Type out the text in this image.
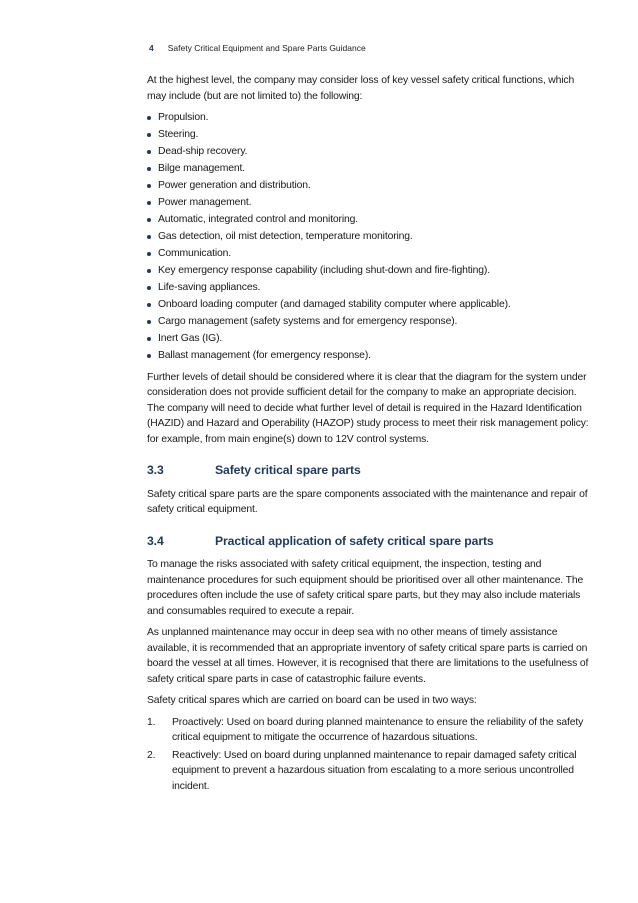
4 Safety Critical Equipment and Spare Parts Guidance

At the highest level, the company may consider loss of key vessel safety critical functions, which may include (but are not limited to) the following:

Propulsion.
Steering.
Dead-ship recovery.
Bilge management.
Power generation and distribution.
Power management.
Automatic, integrated control and monitoring.
Gas detection, oil mist detection, temperature monitoring.
Communication.
Key emergency response capability (including shut-down and fire-fighting).
Life-saving appliances.
Onboard loading computer (and damaged stability computer where applicable).
Cargo management (safety systems and for emergency response).
Inert Gas (IG).
Ballast management (for emergency response).

Further levels of detail should be considered where it is clear that the diagram for the system under consideration does not provide sufficient detail for the company to make an appropriate decision. The company will need to decide what further level of detail is required in the Hazard Identification (HAZID) and Hazard and Operability (HAZOP) study process to meet their risk management policy: for example, from main engine(s) down to 12V control systems.

3.3	Safety critical spare parts

Safety critical spare parts are the spare components associated with the maintenance and repair of safety critical equipment.

3.4	Practical application of safety critical spare parts

To manage the risks associated with safety critical equipment, the inspection, testing and maintenance procedures for such equipment should be prioritised over all other maintenance. The procedures often include the use of safety critical spare parts, but they may also include materials and consumables required to execute a repair.

As unplanned maintenance may occur in deep sea with no other means of timely assistance available, it is recommended that an appropriate inventory of safety critical spare parts is carried on board the vessel at all times. However, it is recognised that there are limitations to the usefulness of safety critical spare parts in case of catastrophic failure events.

Safety critical spares which are carried on board can be used in two ways:

1.	Proactively: Used on board during planned maintenance to ensure the reliability of the safety critical equipment to mitigate the occurrence of hazardous situations.
2.	Reactively: Used on board during unplanned maintenance to repair damaged safety critical equipment to prevent a hazardous situation from escalating to a more serious uncontrolled incident.
